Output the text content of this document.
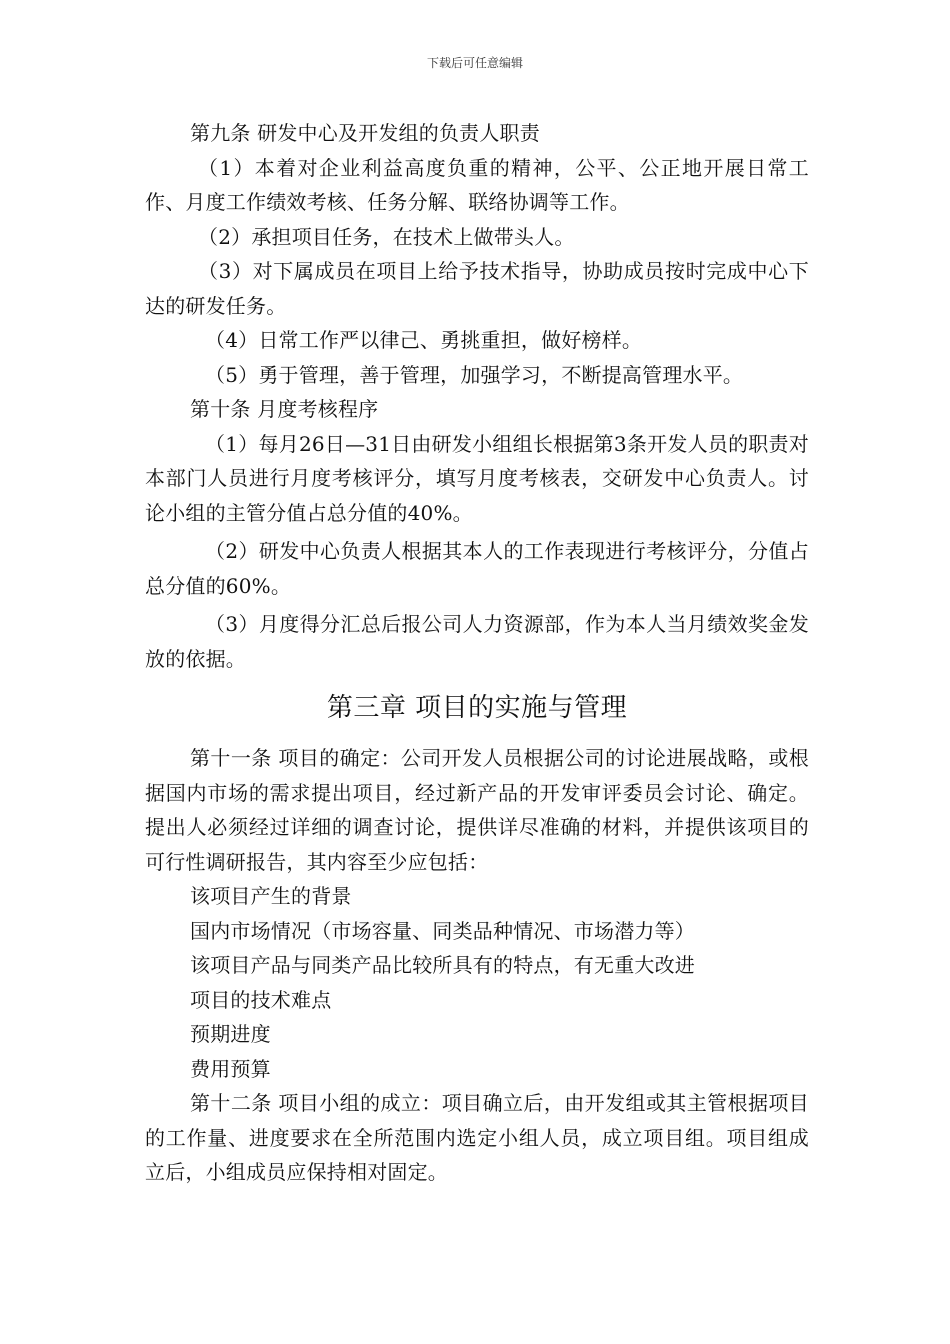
下载后可任意编辑

第九条 研发中心及开发组的负责人职责

（1）本着对企业利益高度负重的精神，公平、公正地开展日常工作、月度工作绩效考核、任务分解、联络协调等工作。

（2）承担项目任务，在技术上做带头人。

（3）对下属成员在项目上给予技术指导，协助成员按时完成中心下达的研发任务。

（4）日常工作严以律己、勇挑重担，做好榜样。

（5）勇于管理，善于管理，加强学习，不断提高管理水平。

第十条 月度考核程序

（1）每月26日—31日由研发小组组长根据第3条开发人员的职责对本部门人员进行月度考核评分，填写月度考核表，交研发中心负责人。讨论小组的主管分值占总分值的40%。

（2）研发中心负责人根据其本人的工作表现进行考核评分，分值占总分值的60%。

（3）月度得分汇总后报公司人力资源部，作为本人当月绩效奖金发放的依据。

第三章 项目的实施与管理

第十一条 项目的确定：公司开发人员根据公司的讨论进展战略，或根据国内市场的需求提出项目，经过新产品的开发审评委员会讨论、确定。提出人必须经过详细的调查讨论，提供详尽准确的材料，并提供该项目的可行性调研报告，其内容至少应包括：

该项目产生的背景

国内市场情况（市场容量、同类品种情况、市场潜力等）

该项目产品与同类产品比较所具有的特点，有无重大改进

项目的技术难点

预期进度

费用预算

第十二条 项目小组的成立：项目确立后，由开发组或其主管根据项目的工作量、进度要求在全所范围内选定小组人员，成立项目组。项目组成立后，小组成员应保持相对固定。
